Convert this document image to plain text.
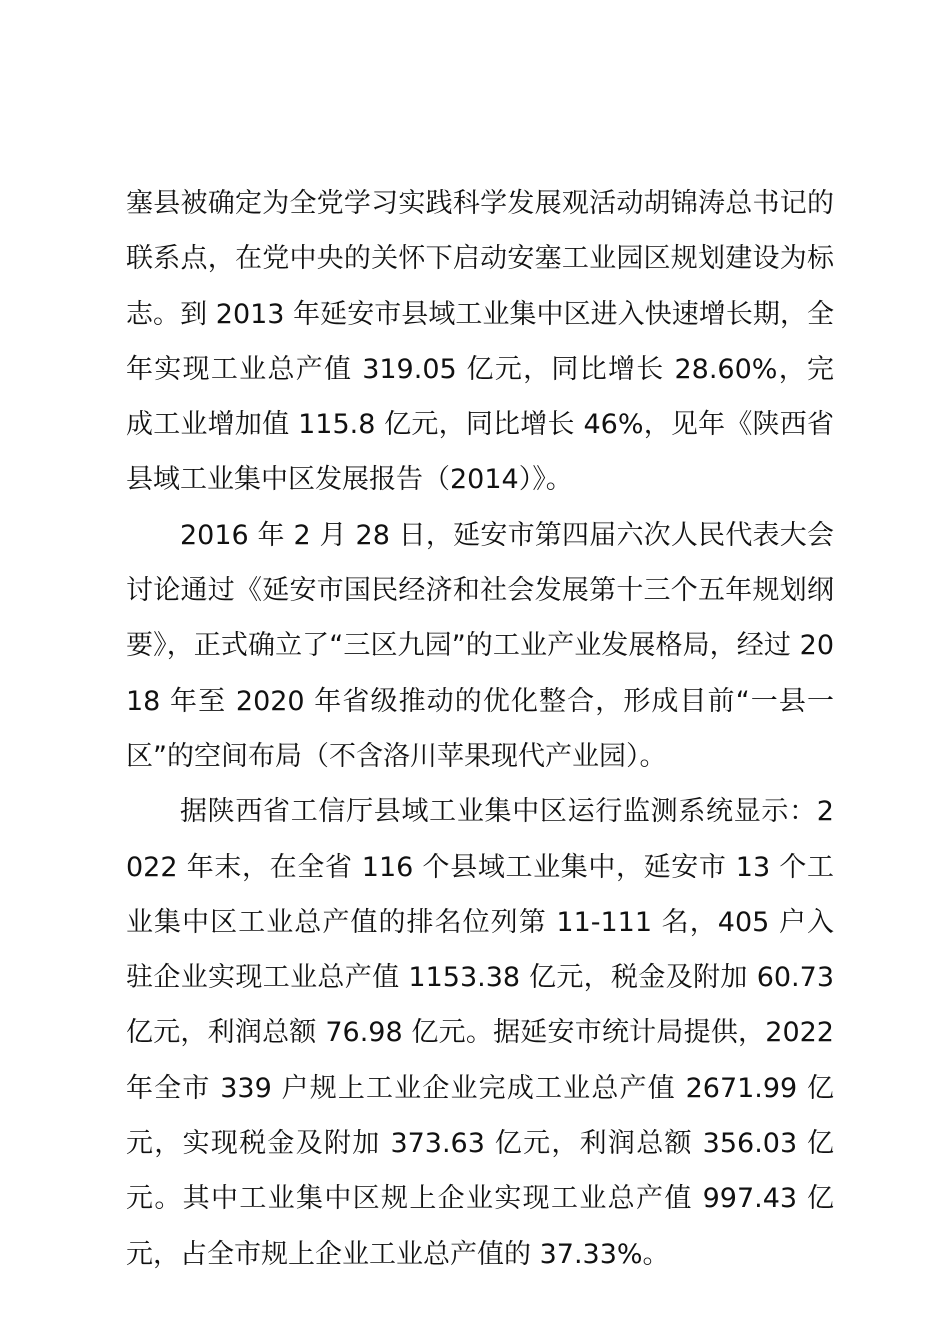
塞县被确定为全党学习实践科学发展观活动胡锦涛总书记的联系点，在党中央的关怀下启动安塞工业园区规划建设为标志。到 2013 年延安市县域工业集中区进入快速增长期，全年实现工业总产值 319.05 亿元，同比增长 28.60%，完成工业增加值 115.8 亿元，同比增长 46%，见年《陕西省县域工业集中区发展报告（2014）》。

2016 年 2 月 28 日，延安市第四届六次人民代表大会讨论通过《延安市国民经济和社会发展第十三个五年规划纲要》，正式确立了“三区九园”的工业产业发展格局，经过 2018 年至 2020 年省级推动的优化整合，形成目前“一县一区”的空间布局（不含洛川苹果现代产业园）。

据陕西省工信厅县域工业集中区运行监测系统显示：2022 年末，在全省 116 个县域工业集中，延安市 13 个工业集中区工业总产值的排名位列第 11-111 名，405 户入驻企业实现工业总产值 1153.38 亿元，税金及附加 60.73 亿元，利润总额 76.98 亿元。据延安市统计局提供，2022 年全市 339 户规上工业企业完成工业总产值 2671.99 亿元，实现税金及附加 373.63 亿元，利润总额 356.03 亿元。其中工业集中区规上企业实现工业总产值 997.43 亿元，占全市规上企业工业总产值的 37.33%。
